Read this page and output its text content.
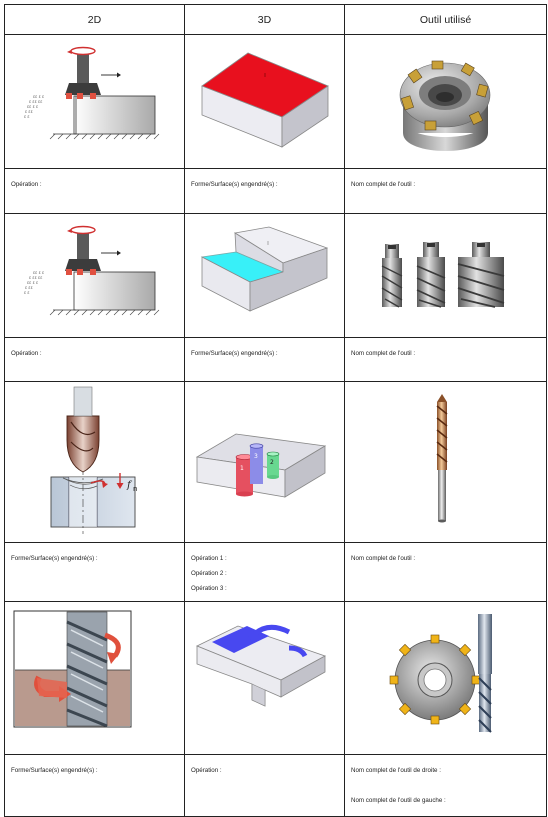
2D	3D	Outil utilisé

ɛɛ ɛ ɛ
ɛ ɛɛ ɛɛ
ɛɛ ɛ ɛ
ɛ ɛɛ
ɛ ɛ

Opération :	Forme/Surface(s) engendré(s) :	Nom complet de l'outil :

ɛɛ ɛ ɛ
ɛ ɛɛ ɛɛ
ɛɛ ɛ ɛ
ɛ ɛɛ
ɛ ɛ

Opération :	Forme/Surface(s) engendré(s) :	Nom complet de l'outil :

f n	1
3
2

Forme/Surface(s) engendré(s) :	Opération 1 :
Opération 2 :
Opération 3 :	Nom complet de l'outil :

Forme/Surface(s) engendré(s) :	Opération :	Nom complet de l'outil de droite :
Nom complet de l'outil de gauche :
